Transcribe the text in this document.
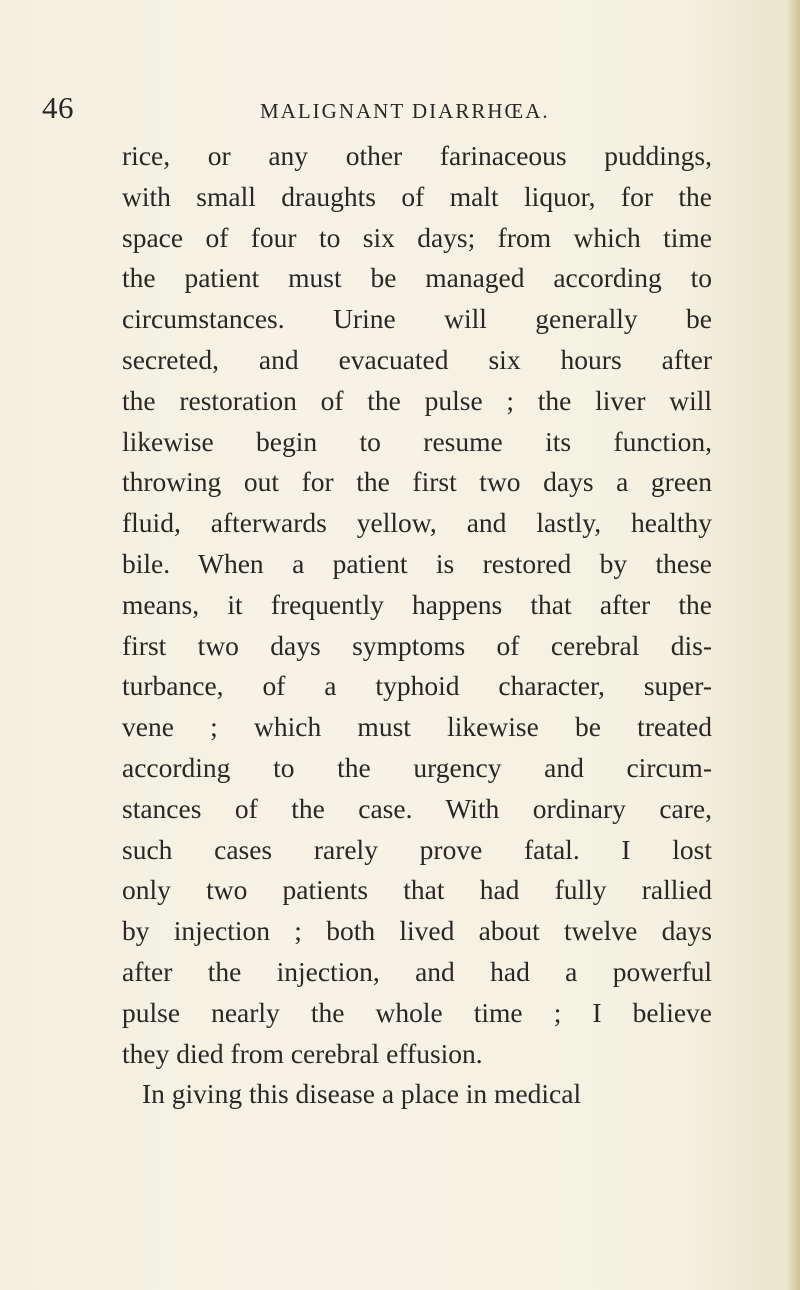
46	MALIGNANT DIARRHŒA.
rice, or any other farinaceous puddings,
with small draughts of malt liquor, for the
space of four to six days; from which time
the patient must be managed according to
circumstances. Urine will generally be
secreted, and evacuated six hours after
the restoration of the pulse ; the liver will
likewise begin to resume its function,
throwing out for the first two days a green
fluid, afterwards yellow, and lastly, healthy
bile. When a patient is restored by these
means, it frequently happens that after the
first two days symptoms of cerebral dis-
turbance, of a typhoid character, super-
vene ; which must likewise be treated
according to the urgency and circum-
stances of the case. With ordinary care,
such cases rarely prove fatal. I lost
only two patients that had fully rallied
by injection ; both lived about twelve days
after the injection, and had a powerful
pulse nearly the whole time ; I believe
they died from cerebral effusion.
In giving this disease a place in medical
